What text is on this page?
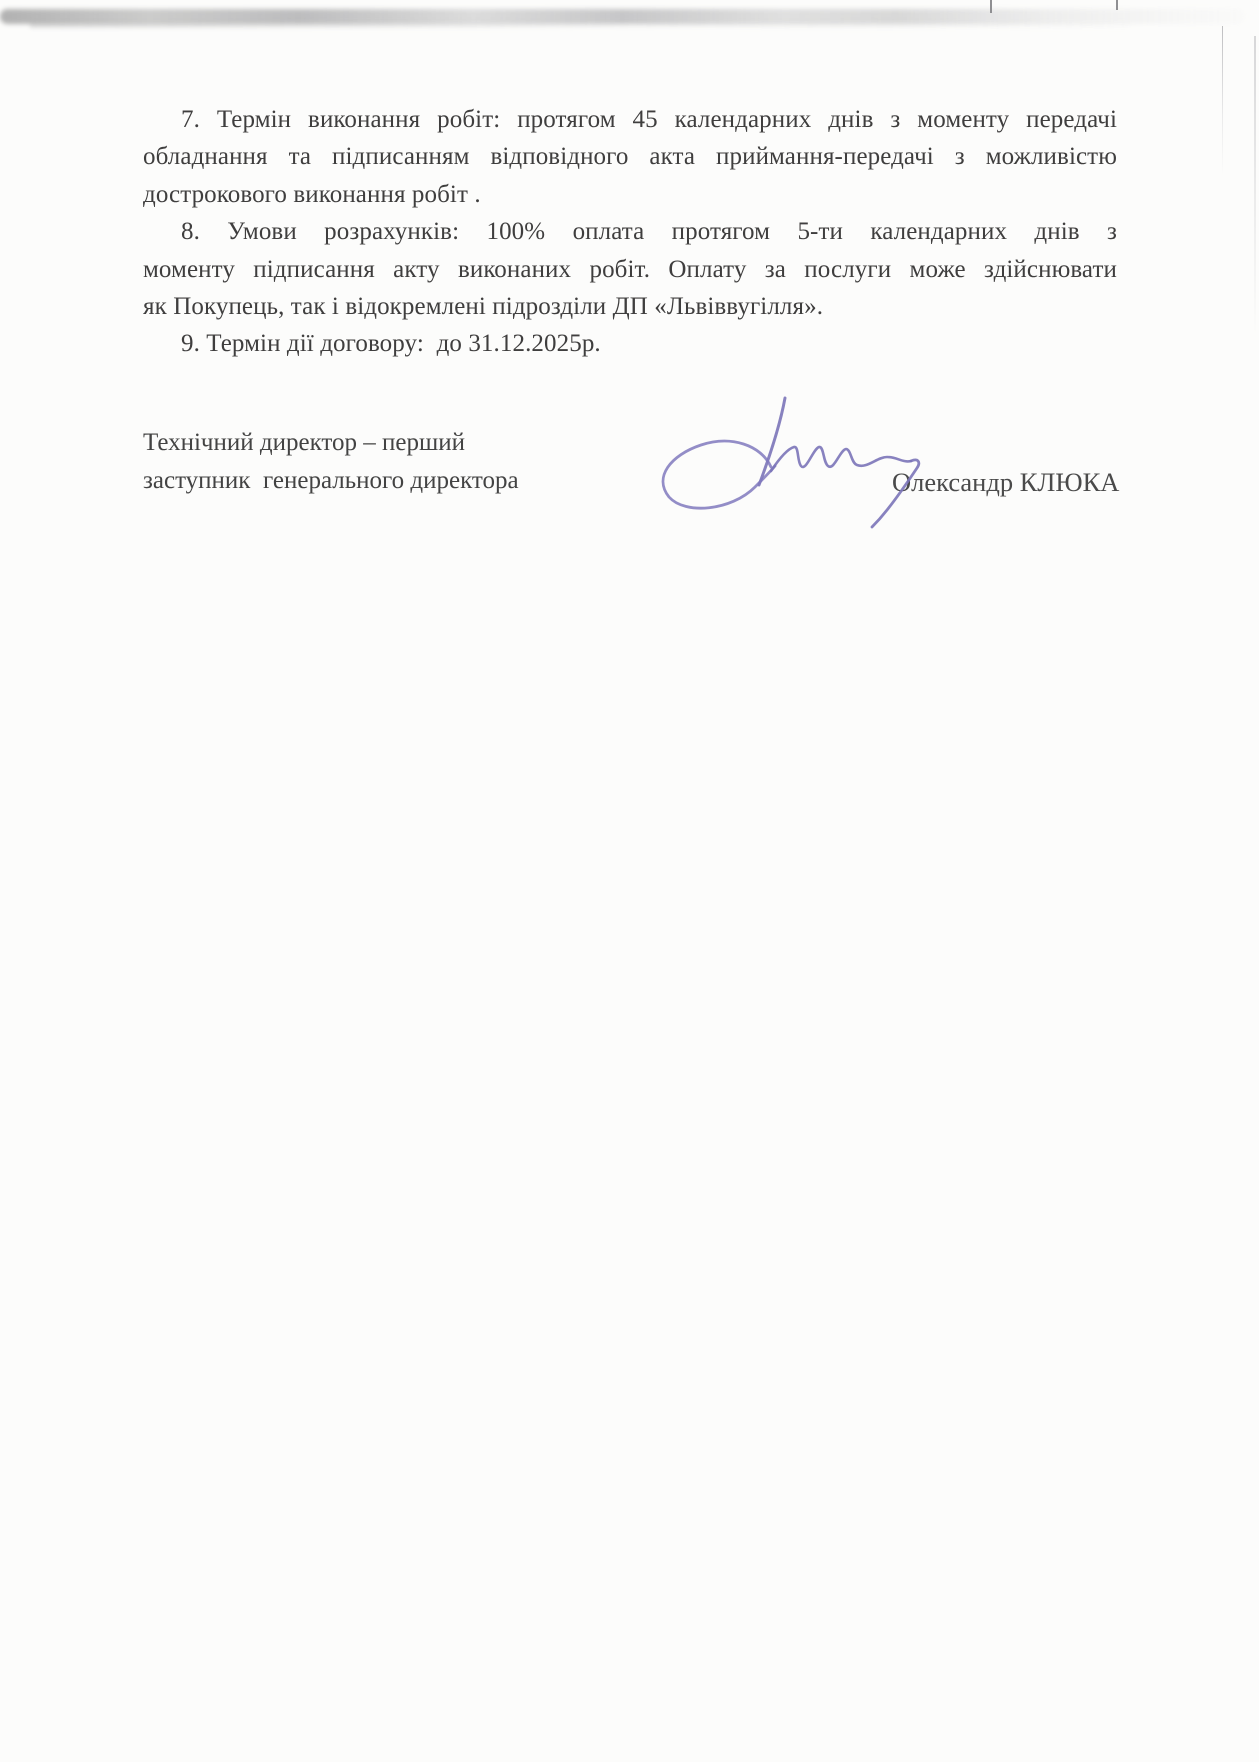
7. Термін виконання робіт: протягом 45 календарних днів з моменту передачі
обладнання та підписанням відповідного акта приймання-передачі з можливістю
дострокового виконання робіт .

8. Умови розрахунків: 100% оплата протягом 5-ти календарних днів з
моменту підписання акту виконаних робіт. Оплату за послуги може здійснювати
як Покупець, так і відокремлені підрозділи ДП «Львіввугілля».

9. Термін дії договору:  до 31.12.2025р.

Технічний директор – перший
заступник  генерального директора	Олександр КЛЮКА
